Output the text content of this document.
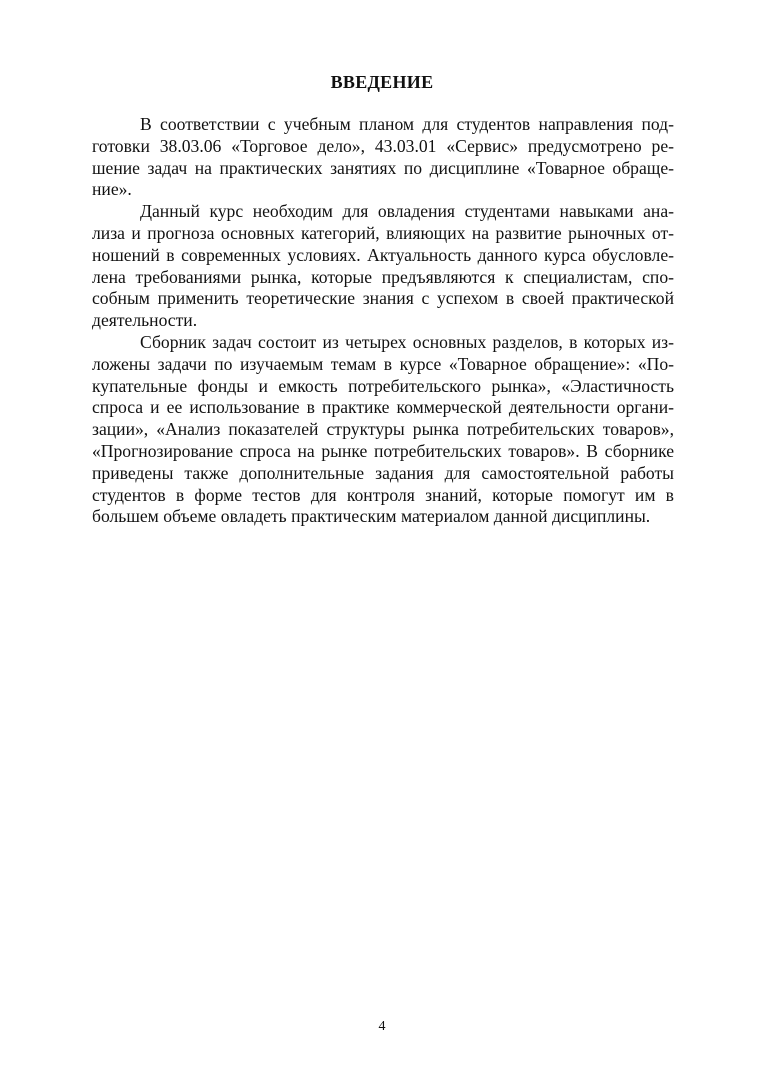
ВВЕДЕНИЕ

В соответствии с учебным планом для студентов направления под-
готовки 38.03.06 «Торговое дело», 43.03.01 «Сервис» предусмотрено ре-
шение задач на практических занятиях по дисциплине «Товарное обраще-
ние».

Данный курс необходим для овладения студентами навыками ана-
лиза и прогноза основных категорий, влияющих на развитие рыночных от-
ношений в современных условиях. Актуальность данного курса обусловле-
лена требованиями рынка, которые предъявляются к специалистам, спо-
собным применить теоретические знания с успехом в своей практической
деятельности.

Сборник задач состоит из четырех основных разделов, в которых из-
ложены задачи по изучаемым темам в курсе «Товарное обращение»: «По-
купательные фонды и емкость потребительского рынка», «Эластичность
спроса и ее использование в практике коммерческой деятельности органи-
зации», «Анализ показателей структуры рынка потребительских товаров»,
«Прогнозирование спроса на рынке потребительских товаров». В сборнике
приведены также дополнительные задания для самостоятельной работы
студентов в форме тестов для контроля знаний, которые помогут им в
большем объеме овладеть практическим материалом данной дисциплины.

4
